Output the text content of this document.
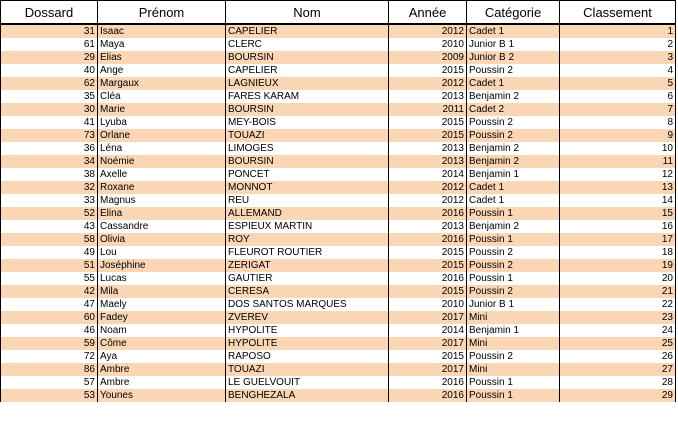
Dossard	Prénom	Nom	Année	Catégorie	Classement
31	Isaac	CAPELIER	2012	Cadet 1	1
61	Maya	CLERC	2010	Junior B 1	2
29	Elias	BOURSIN	2009	Junior B 2	3
40	Ange	CAPELIER	2015	Poussin 2	4
62	Margaux	LAGNIEUX	2012	Cadet 1	5
35	Cléa	FARES KARAM	2013	Benjamin 2	6
30	Marie	BOURSIN	2011	Cadet 2	7
41	Lyuba	MEY-BOIS	2015	Poussin 2	8
73	Orlane	TOUAZI	2015	Poussin 2	9
36	Léna	LIMOGES	2013	Benjamin 2	10
34	Noémie	BOURSIN	2013	Benjamin 2	11
38	Axelle	PONCET	2014	Benjamin 1	12
32	Roxane	MONNOT	2012	Cadet 1	13
33	Magnus	REU	2012	Cadet 1	14
52	Elina	ALLEMAND	2016	Poussin 1	15
43	Cassandre	ESPIEUX MARTIN	2013	Benjamin 2	16
58	Olivia	ROY	2016	Poussin 1	17
49	Lou	FLEUROT ROUTIER	2015	Poussin 2	18
51	Joséphine	ZERIGAT	2015	Poussin 2	19
55	Lucas	GAUTIER	2016	Poussin 1	20
42	Mila	CERESA	2015	Poussin 2	21
47	Maely	DOS SANTOS MARQUES	2010	Junior B 1	22
60	Fadey	ZVEREV	2017	Mini	23
46	Noam	HYPOLITE	2014	Benjamin 1	24
59	Côme	HYPOLITE	2017	Mini	25
72	Aya	RAPOSO	2015	Poussin 2	26
86	Ambre	TOUAZI	2017	Mini	27
57	Ambre	LE GUELVOUIT	2016	Poussin 1	28
53	Younes	BENGHEZALA	2016	Poussin 1	29
